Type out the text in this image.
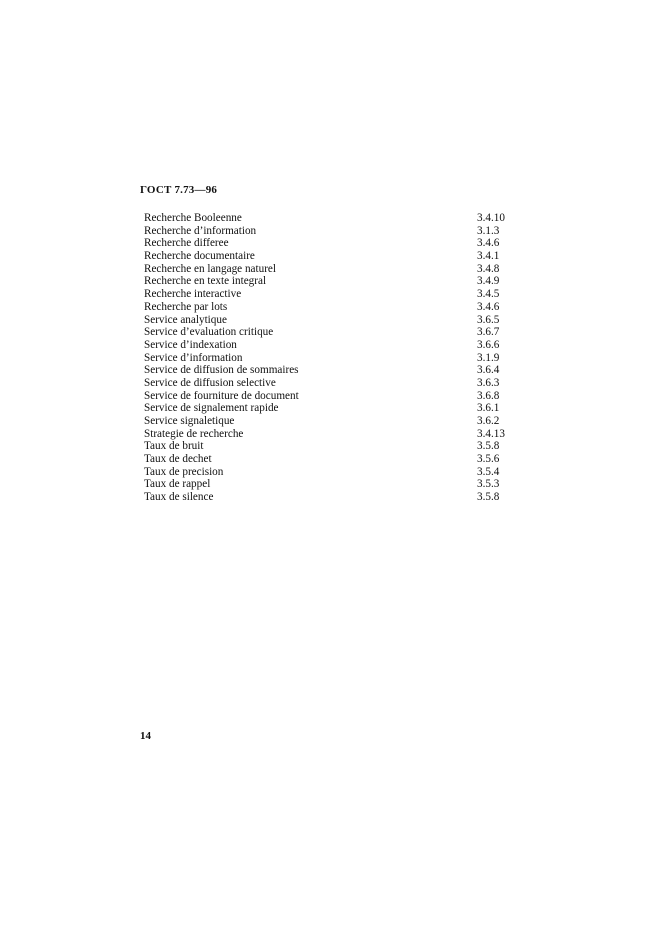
ГОСТ 7.73—96
Recherche Booleenne	3.4.10
Recherche d’information	3.1.3
Recherche differee	3.4.6
Recherche documentaire	3.4.1
Recherche en langage naturel	3.4.8
Recherche en texte integral	3.4.9
Recherche interactive	3.4.5
Recherche par lots	3.4.6
Service analytique	3.6.5
Service d’evaluation critique	3.6.7
Service d’indexation	3.6.6
Service d’information	3.1.9
Service de diffusion de sommaires	3.6.4
Service de diffusion selective	3.6.3
Service de fourniture de document	3.6.8
Service de signalement rapide	3.6.1
Service signaletique	3.6.2
Strategie de recherche	3.4.13
Taux de bruit	3.5.8
Taux de dechet	3.5.6
Taux de precision	3.5.4
Taux de rappel	3.5.3
Taux de silence	3.5.8
14
